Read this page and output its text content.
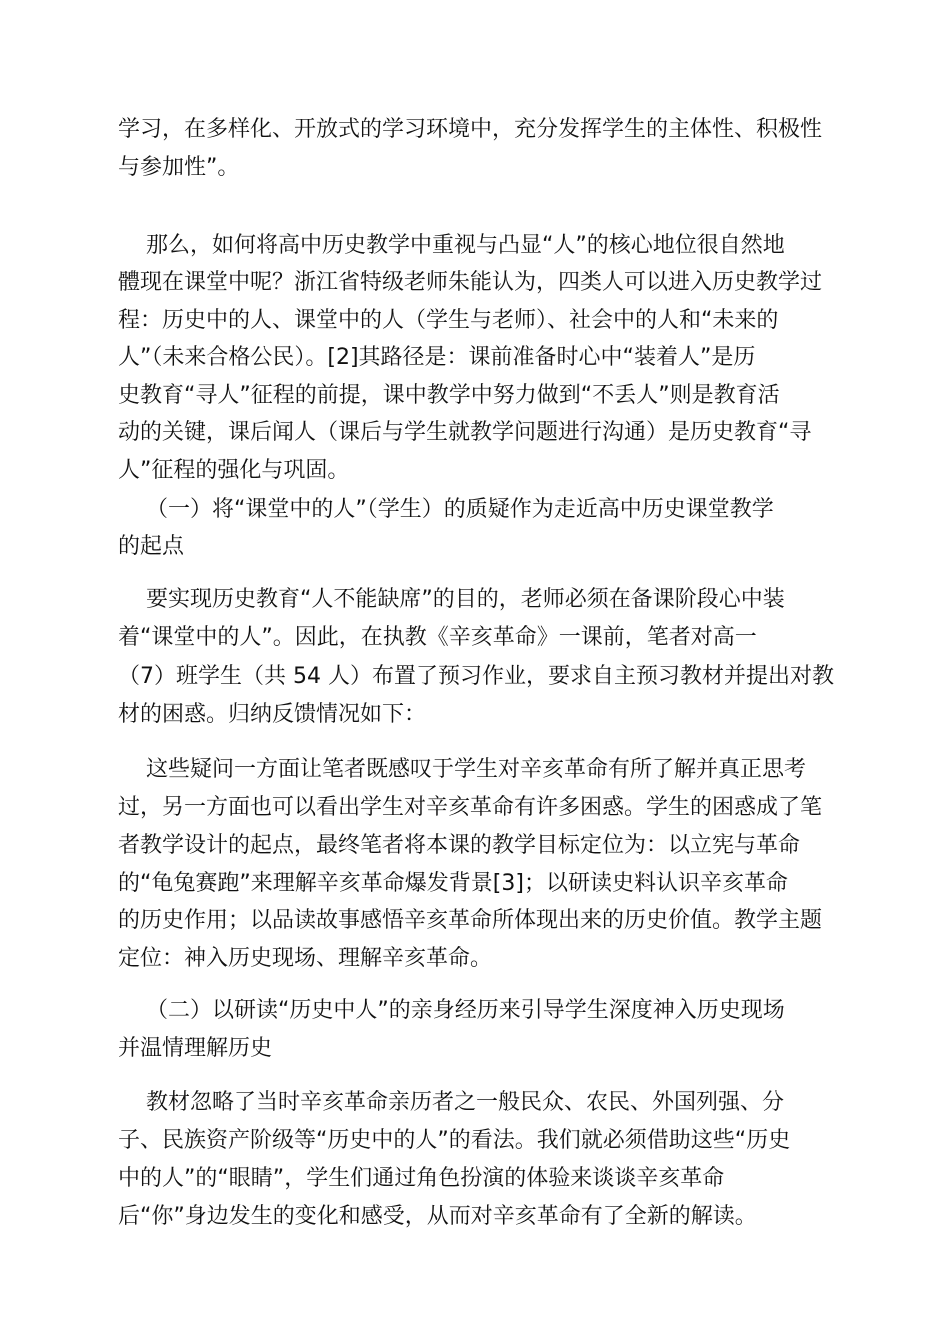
学习，在多样化、开放式的学习环境中，充分发挥学生的主体性、积极性
与参加性”。
那么，如何将高中历史教学中重视与凸显“人”的核心地位很自然地
體现在课堂中呢？浙江省特级老师朱能认为，四类人可以进入历史教学过
程：历史中的人、课堂中的人（学生与老师）、社会中的人和“未来的
人”（未来合格公民）。[2]其路径是：课前准备时心中“装着人”是历
史教育“寻人”征程的前提，课中教学中努力做到“不丢人”则是教育活
动的关键，课后闻人（课后与学生就教学问题进行沟通）是历史教育“寻
人”征程的强化与巩固。
（一）将“课堂中的人”（学生）的质疑作为走近高中历史课堂教学
的起点
要实现历史教育“人不能缺席”的目的，老师必须在备课阶段心中装
着“课堂中的人”。因此，在执教《辛亥革命》一课前，笔者对高一
（7）班学生（共 54 人）布置了预习作业，要求自主预习教材并提出对教
材的困惑。归纳反馈情况如下：
这些疑问一方面让笔者既感叹于学生对辛亥革命有所了解并真正思考
过，另一方面也可以看出学生对辛亥革命有许多困惑。学生的困惑成了笔
者教学设计的起点，最终笔者将本课的教学目标定位为：以立宪与革命
的“龟兔赛跑”来理解辛亥革命爆发背景[3]；以研读史料认识辛亥革命
的历史作用；以品读故事感悟辛亥革命所体现出来的历史价值。教学主题
定位：神入历史现场、理解辛亥革命。
（二）以研读“历史中人”的亲身经历来引导学生深度神入历史现场
并温情理解历史
教材忽略了当时辛亥革命亲历者之一般民众、农民、外国列强、分
子、民族资产阶级等“历史中的人”的看法。我们就必须借助这些“历史
中的人”的“眼睛”，学生们通过角色扮演的体验来谈谈辛亥革命
后“你”身边发生的变化和感受，从而对辛亥革命有了全新的解读。
